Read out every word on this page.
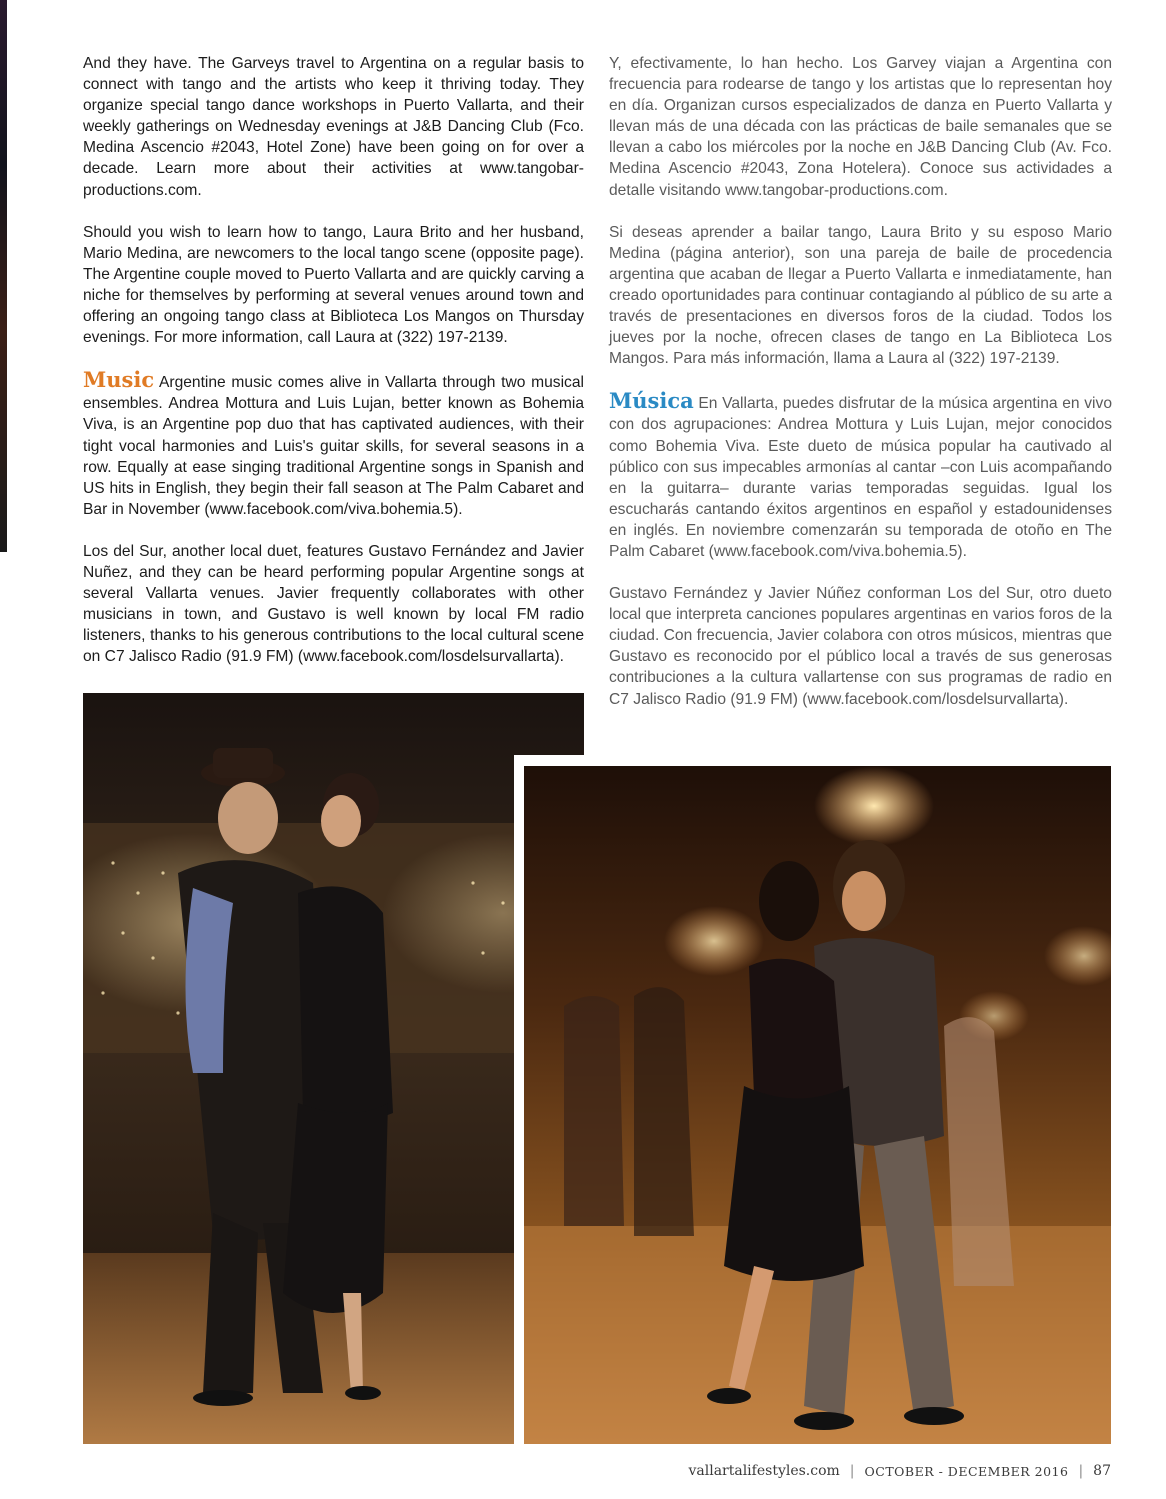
And they have. The Garveys travel to Argentina on a regular basis to connect with tango and the artists who keep it thriving today. They organize special tango dance workshops in Puerto Vallarta, and their weekly gatherings on Wednesday evenings at J&B Dancing Club (Fco. Medina Ascencio #2043, Hotel Zone) have been going on for over a decade. Learn more about their activities at www.tangobar-productions.com.

Should you wish to learn how to tango, Laura Brito and her husband, Mario Medina, are newcomers to the local tango scene (opposite page). The Argentine couple moved to Puerto Vallarta and are quickly carving a niche for themselves by performing at several venues around town and offering an ongoing tango class at Biblioteca Los Mangos on Thursday evenings. For more information, call Laura at (322) 197-2139.

Music Argentine music comes alive in Vallarta through two musical ensembles. Andrea Mottura and Luis Lujan, better known as Bohemia Viva, is an Argentine pop duo that has captivated audiences, with their tight vocal harmonies and Luis's guitar skills, for several seasons in a row. Equally at ease singing traditional Argentine songs in Spanish and US hits in English, they begin their fall season at The Palm Cabaret and Bar in November (www.facebook.com/viva.bohemia.5).

Los del Sur, another local duet, features Gustavo Fernández and Javier Nuñez, and they can be heard performing popular Argentine songs at several Vallarta venues. Javier frequently collaborates with other musicians in town, and Gustavo is well known by local FM radio listeners, thanks to his generous contributions to the local cultural scene on C7 Jalisco Radio (91.9 FM) (www.facebook.com/losdelsurvallarta).

Y, efectivamente, lo han hecho. Los Garvey viajan a Argentina con frecuencia para rodearse de tango y los artistas que lo representan hoy en día. Organizan cursos especializados de danza en Puerto Vallarta y llevan más de una década con las prácticas de baile semanales que se llevan a cabo los miércoles por la noche en J&B Dancing Club (Av. Fco. Medina Ascencio #2043, Zona Hotelera). Conoce sus actividades a detalle visitando www.tangobar-productions.com.

Si deseas aprender a bailar tango, Laura Brito y su esposo Mario Medina (página anterior), son una pareja de baile de procedencia argentina que acaban de llegar a Puerto Vallarta e inmediatamente, han creado oportunidades para continuar contagiando al público de su arte a través de presentaciones en diversos foros de la ciudad. Todos los jueves por la noche, ofrecen clases de tango en La Biblioteca Los Mangos. Para más información, llama a Laura al (322) 197-2139.

Música En Vallarta, puedes disfrutar de la música argentina en vivo con dos agrupaciones: Andrea Mottura y Luis Lujan, mejor conocidos como Bohemia Viva. Este dueto de música popular ha cautivado al público con sus impecables armonías al cantar –con Luis acompañando en la guitarra– durante varias temporadas seguidas. Igual los escucharás cantando éxitos argentinos en español y estadounidenses en inglés. En noviembre comenzarán su temporada de otoño en The Palm Cabaret (www.facebook.com/viva.bohemia.5).

Gustavo Fernández y Javier Núñez conforman Los del Sur, otro dueto local que interpreta canciones populares argentinas en varios foros de la ciudad. Con frecuencia, Javier colabora con otros músicos, mientras que Gustavo es reconocido por el público local a través de sus generosas contribuciones a la cultura vallartense con sus programas de radio en C7 Jalisco Radio (91.9 FM) (www.facebook.com/losdelsurvallarta).

vallartalifestyles.com | OCTOBER - DECEMBER 2016 | 87
